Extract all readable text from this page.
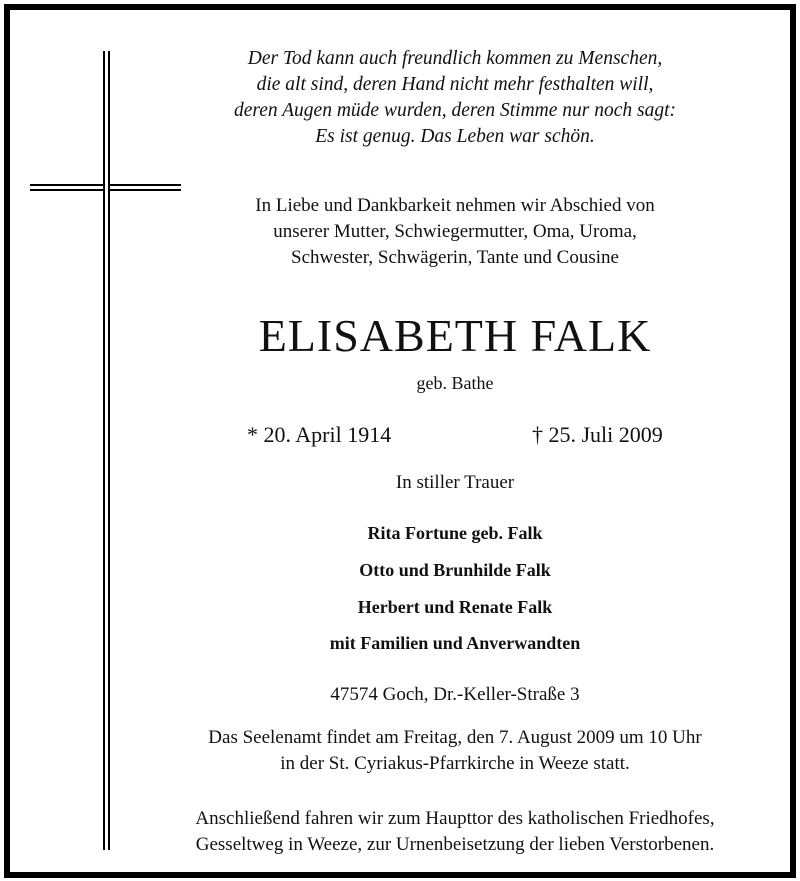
Der Tod kann auch freundlich kommen zu Menschen,
die alt sind, deren Hand nicht mehr festhalten will,
deren Augen müde wurden, deren Stimme nur noch sagt:
Es ist genug. Das Leben war schön.
In Liebe und Dankbarkeit nehmen wir Abschied von
unserer Mutter, Schwiegermutter, Oma, Uroma,
Schwester, Schwägerin, Tante und Cousine
ELISABETH FALK
geb. Bathe
* 20. April 1914	† 25. Juli 2009
In stiller Trauer
Rita Fortune geb. Falk
Otto und Brunhilde Falk
Herbert und Renate Falk
mit Familien und Anverwandten
47574 Goch, Dr.-Keller-Straße 3
Das Seelenamt findet am Freitag, den 7. August 2009 um 10 Uhr
in der St. Cyriakus-Pfarrkirche in Weeze statt.
Anschließend fahren wir zum Haupttor des katholischen Friedhofes,
Gesseltweg in Weeze, zur Urnenbeisetzung der lieben Verstorbenen.
